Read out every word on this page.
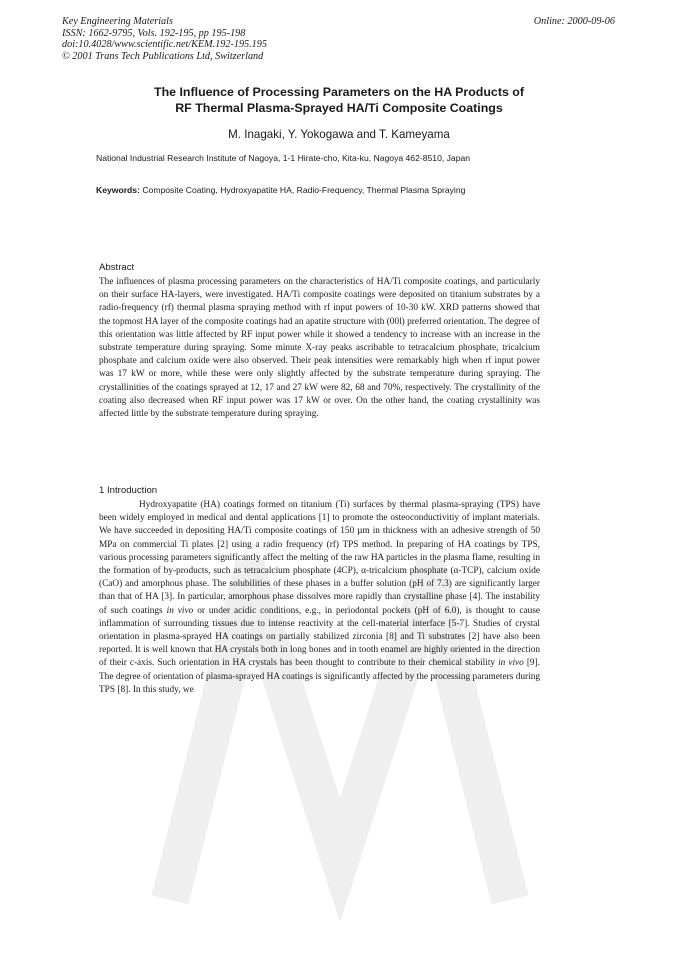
Key Engineering Materials
ISSN: 1662-9795, Vols. 192-195, pp 195-198
doi:10.4028/www.scientific.net/KEM.192-195.195
© 2001 Trans Tech Publications Ltd, Switzerland
Online: 2000-09-06
The Influence of Processing Parameters on the HA Products of
RF Thermal Plasma-Sprayed HA/Ti Composite Coatings
M. Inagaki, Y. Yokogawa and T. Kameyama
National Industrial Research Institute of Nagoya, 1-1 Hirate-cho, Kita-ku, Nagoya 462-8510, Japan
Keywords: Composite Coating, Hydroxyapatite HA, Radio-Frequency, Thermal Plasma Spraying
Abstract

The influences of plasma processing parameters on the characteristics of HA/Ti composite coatings, and particularly on their surface HA-layers, were investigated. HA/Ti composite coatings were deposited on titanium substrates by a radio-frequency (rf) thermal plasma spraying method with rf input powers of 10-30 kW. XRD patterns showed that the topmost HA layer of the composite coatings had an apatite structure with (00l) preferred orientation. The degree of this orientation was little affected by RF input power while it showed a tendency to increase with an increase in the substrate temperature during spraying. Some minute X-ray peaks ascribable to tetracalcium phosphate, tricalcium phosphate and calcium oxide were also observed. Their peak intensities were remarkably high when rf input power was 17 kW or more, while these were only slightly affected by the substrate temperature during spraying. The crystallinities of the coatings sprayed at 12, 17 and 27 kW were 82, 68 and 70%, respectively. The crystallinity of the coating also decreased when RF input power was 17 kW or over. On the other hand, the coating crystallinity was affected little by the substrate temperature during spraying.

1 Introduction

Hydroxyapatite (HA) coatings formed on titanium (Ti) surfaces by thermal plasma-spraying (TPS) have been widely employed in medical and dental applications [1] to promote the osteoconductivitiy of implant materials. We have succeeded in depositing HA/Ti composite coatings of 150 µm in thickness with an adhesive strength of 50 MPa on commercial Ti plates [2] using a radio frequency (rf) TPS method. In preparing of HA coatings by TPS, various processing parameters significantly affect the melting of the raw HA particles in the plasma flame, resulting in the formation of by-products, such as tetracalcium phosphate (4CP), α-tricalcium phosphate (α-TCP), calcium oxide (CaO) and amorphous phase. The solubilities of these phases in a buffer solution (pH of 7.3) are significantly larger than that of HA [3]. In particular, amorphous phase dissolves more rapidly than crystalline phase [4]. The instability of such coatings in vivo or under acidic conditions, e.g., in periodontal pockets (pH of 6.0), is thought to cause inflammation of surrounding tissues due to intense reactivity at the cell-material interface [5-7]. Studies of crystal orientation in plasma-sprayed HA coatings on partially stabilized zirconia [8] and Ti substrates [2] have also been reported. It is well known that HA crystals both in long bones and in tooth enamel are highly oriented in the direction of their c-axis. Such orientation in HA crystals has been thought to contribute to their chemical stability in vivo [9]. The degree of orientation of plasma-sprayed HA coatings is significantly affected by the processing parameters during TPS [8]. In this study, we
